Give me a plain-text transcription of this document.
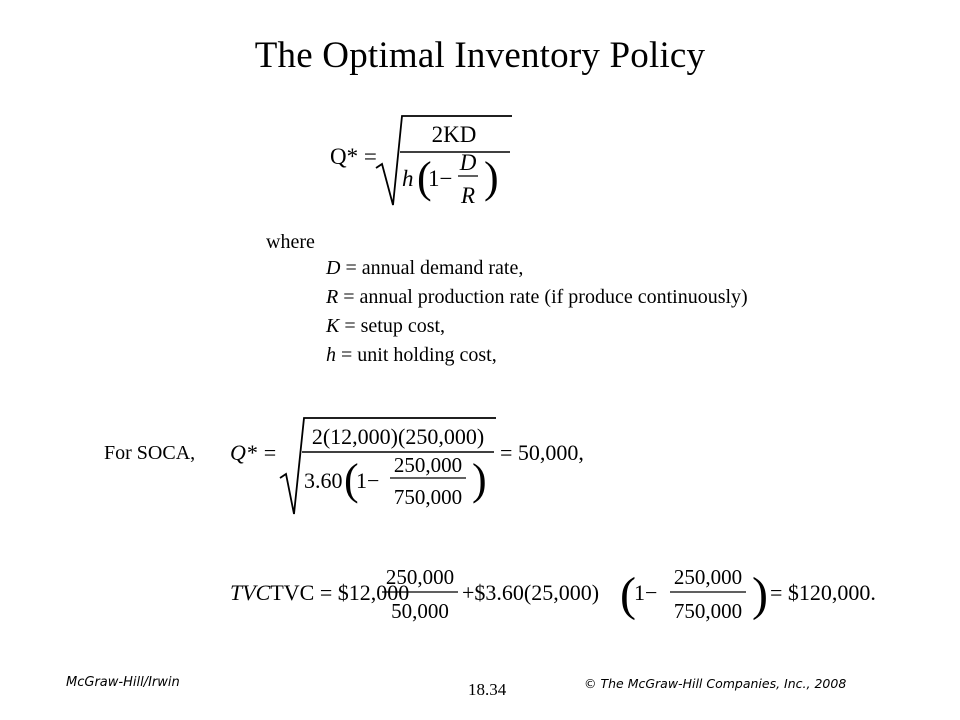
The Optimal Inventory Policy
Q* =
2KD
h (
1−
D
R )
where
D = annual demand rate,
R = annual production rate (if produce continuously)
K = setup cost,
h = unit holding cost,
For SOCA, Q* =
2(12,000)(250,000)
3.60 (
1−
250,000
750,000 )
= 50,000,
TVCTVC = $12,000
250,000
50,000
+$3.60(25,000) (
1−
250,000
750,000 ) = $120,000.
McGraw-Hill/Irwin	18.34	© The McGraw-Hill Companies, Inc., 2008
